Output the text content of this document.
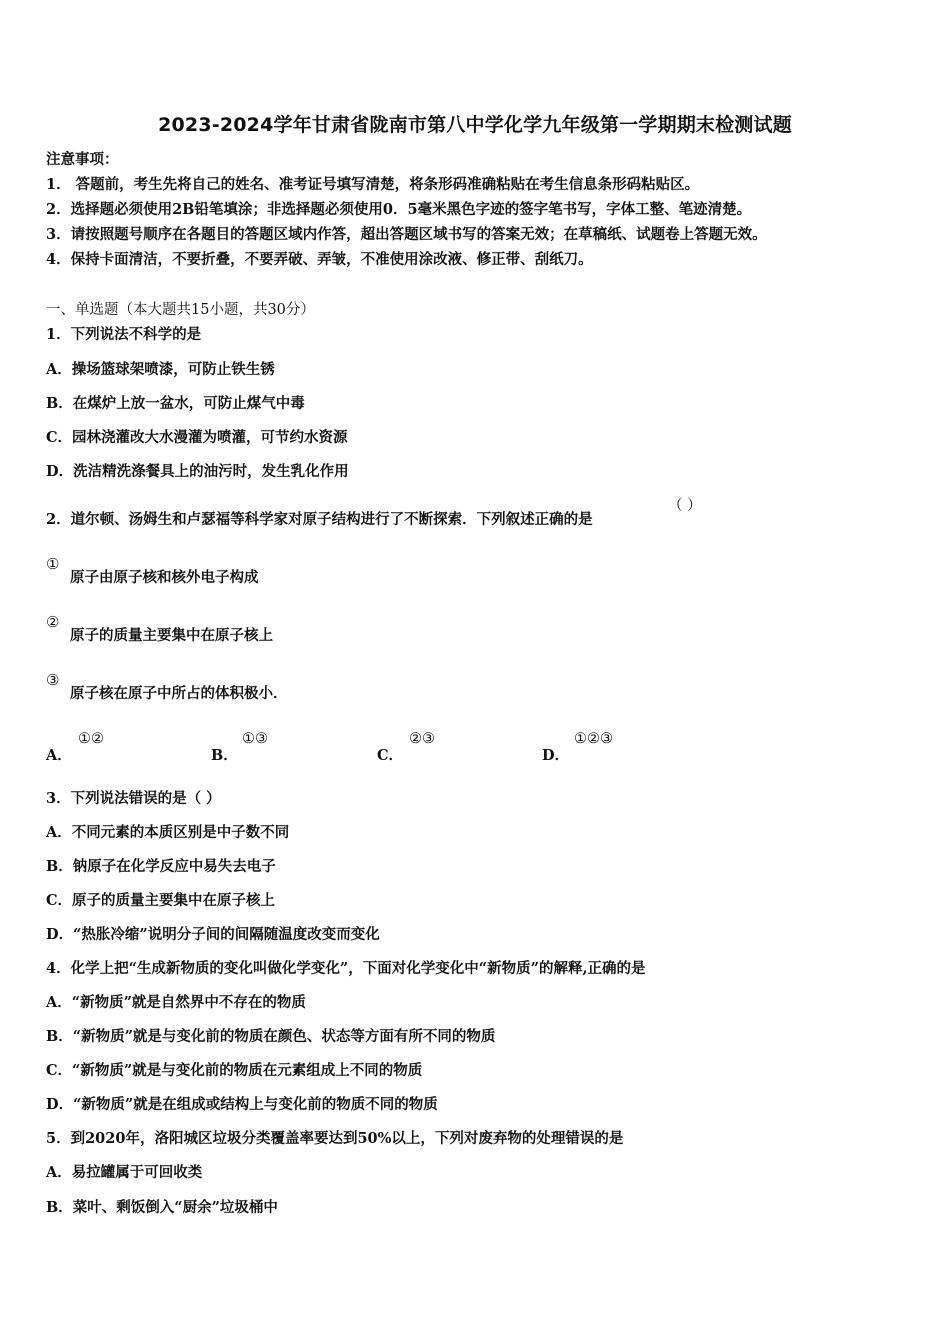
2023-2024学年甘肃省陇南市第八中学化学九年级第一学期期末检测试题
注意事项：
1． 答题前，考生先将自己的姓名、准考证号填写清楚，将条形码准确粘贴在考生信息条形码粘贴区。
2．选择题必须使用2B铅笔填涂；非选择题必须使用0．5毫米黑色字迹的签字笔书写，字体工整、笔迹清楚。
3．请按照题号顺序在各题目的答题区域内作答，超出答题区域书写的答案无效；在草稿纸、试题卷上答题无效。
4．保持卡面清洁，不要折叠，不要弄破、弄皱，不准使用涂改液、修正带、刮纸刀。
一、单选题（本大题共15小题，共30分）
1．下列说法不科学的是
A．操场篮球架喷漆，可防止铁生锈
B．在煤炉上放一盆水，可防止煤气中毒
C．园林浇灌改大水漫灌为喷灌，可节约水资源
D．洗洁精洗涤餐具上的油污时，发生乳化作用
2．道尔顿、汤姆生和卢瑟福等科学家对原子结构进行了不断探索．下列叙述正确的是
（ ）
①
原子由原子核和核外电子构成
②
原子的质量主要集中在原子核上
③
原子核在原子中所占的体积极小．
A．
①②
B．
①③
C．
②③
D．
①②③
3．下列说法错误的是（ ）
A．不同元素的本质区别是中子数不同
B．钠原子在化学反应中易失去电子
C．原子的质量主要集中在原子核上
D．“热胀冷缩”说明分子间的间隔随温度改变而变化
4．化学上把“生成新物质的变化叫做化学变化”，下面对化学变化中“新物质”的解释,正确的是
A．“新物质”就是自然界中不存在的物质
B．“新物质”就是与变化前的物质在颜色、状态等方面有所不同的物质
C．“新物质”就是与变化前的物质在元素组成上不同的物质
D．“新物质”就是在组成或结构上与变化前的物质不同的物质
5．到2020年，洛阳城区垃圾分类覆盖率要达到50%以上，下列对废弃物的处理错误的是
A．易拉罐属于可回收类
B．菜叶、剩饭倒入“厨余”垃圾桶中
